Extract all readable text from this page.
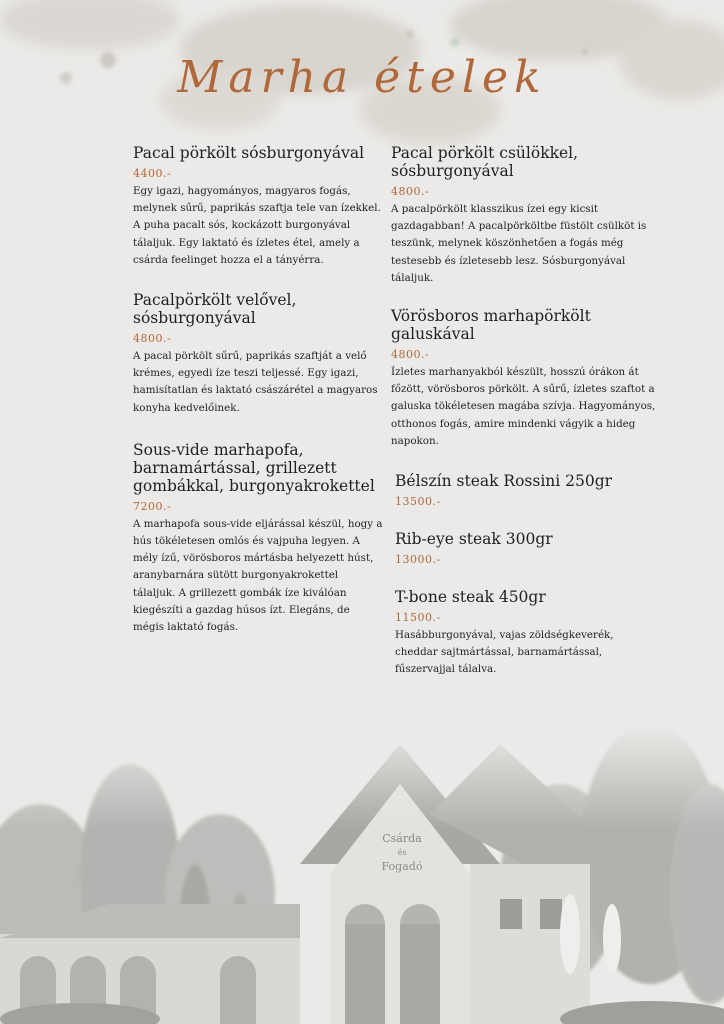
Marha ételek

Pacal pörkölt sósburgonyával

4400.-

Egy igazi, hagyományos, magyaros fogás, melynek sűrű, paprikás szaftja tele van ízekkel. A puha pacalt sós, kockázott burgonyával tálaljuk. Egy laktató és ízletes étel, amely a csárda feelinget hozza el a tányérra.

Pacalpörkölt velővel, sósburgonyával

4800.-

A pacal pörkölt sűrű, paprikás szaftját a velő krémes, egyedi íze teszi teljessé. Egy igazi, hamisítatlan és laktató császárétel a magyaros konyha kedvelőinek.

Sous-vide marhapofa, barnamártással, grillezett gombákkal, burgonyakrokettel

7200.-

A marhapofa sous-vide eljárással készül, hogy a hús tökéletesen omlós és vajpuha legyen. A mély ízű, vörösboros mártásba helyezett húst, aranybarnára sütött burgonyakrokettel tálaljuk. A grillezett gombák íze kiválóan kiegészíti a gazdag húsos ízt. Elegáns, de mégis laktató fogás.

Pacal pörkölt csülökkel, sósburgonyával

4800.-

A pacalpörkölt klasszikus ízei egy kicsit gazdagabban! A pacalpörköltbe füstölt csülköt is teszünk, melynek köszönhetően a fogás még testesebb és ízletesebb lesz. Sósburgonyával tálaljuk.

Vörösboros marhapörkölt galuskával

4800.-

Ízletes marhanyakból készült, hosszú órákon át főzött, vörösboros pörkölt. A sűrű, ízletes szaftot a galuska tökéletesen magába szívja. Hagyományos, otthonos fogás, amire mindenki vágyik a hideg napokon.

Bélszín steak Rossini 250gr

13500.-

Rib-eye steak 300gr

13000.-

T-bone steak 450gr

11500.-

Hasábburgonyával, vajas zöldségkeverék, cheddar sajtmártással, barnamártással, fűszervajjal tálalva.
